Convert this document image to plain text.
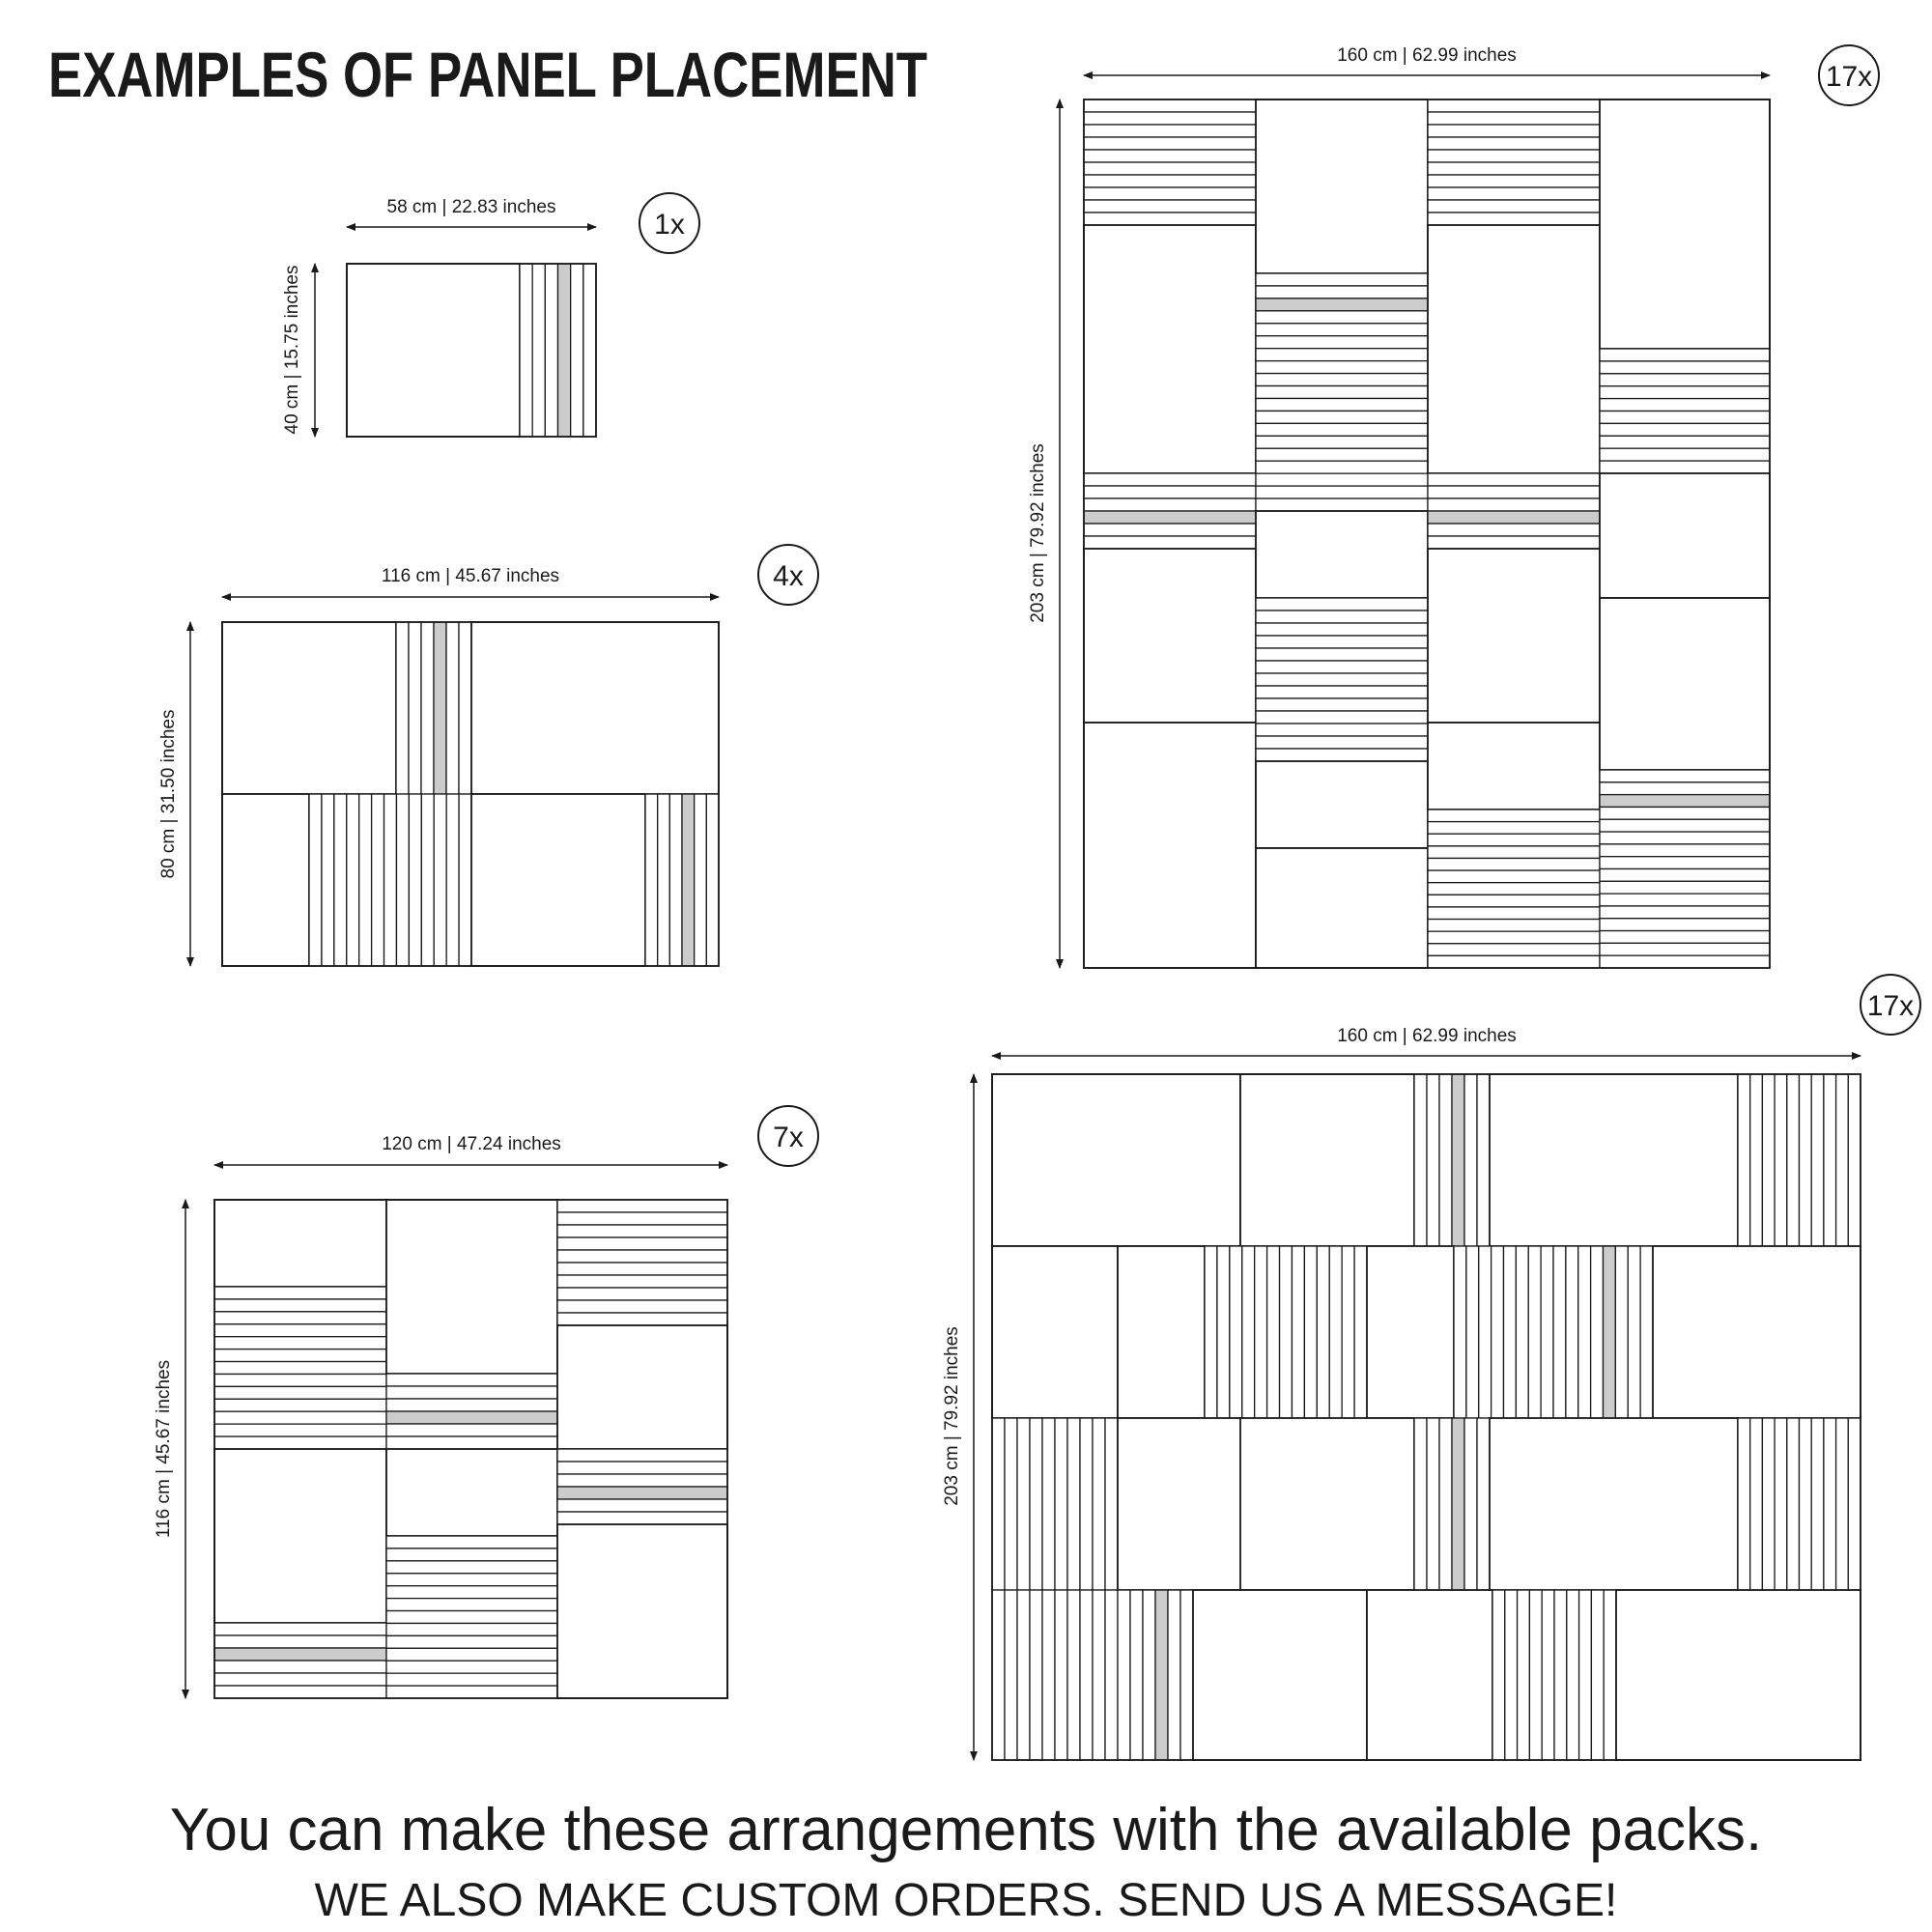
EXAMPLES OF PANEL PLACEMENT
58 cm | 22.83 inches
40 cm | 15.75 inches
1x
116 cm | 45.67 inches
80 cm | 31.50 inches
4x
120 cm | 47.24 inches
116 cm | 45.67 inches
7x
160 cm | 62.99 inches
203 cm | 79.92 inches
17x
160 cm | 62.99 inches
203 cm | 79.92 inches
17x
You can make these arrangements with the available packs.
WE ALSO MAKE CUSTOM ORDERS. SEND US A MESSAGE!
